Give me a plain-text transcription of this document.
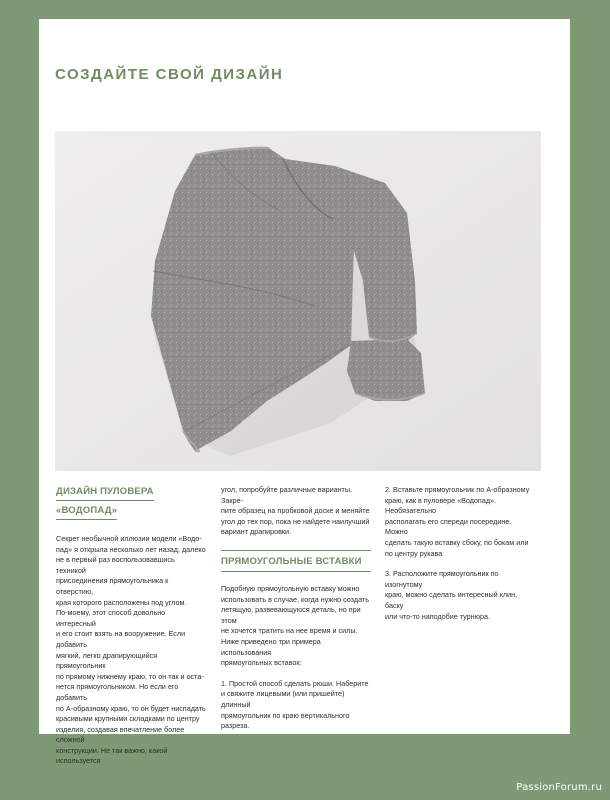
СОЗДАЙТЕ СВОЙ ДИЗАЙН
ДИЗАЙН ПУЛОВЕРА
«ВОДОПАД»

Секрет необычной иллюзии модели «Водо-

пад» я открыла несколько лет назад, далеко

не в первый раз воспользовавшись техникой

присоединения прямоугольника к отверстию,

края которого расположены под углом.

По-моему, этот способ довольно интересный

и его стоит взять на вооружение. Если добавить

мягкий, легко драпирующийся прямоугольник

по прямому нижнему краю, то он так и оста-

нется прямоугольником. Но если его добавить

по А-образному краю, то он будет ниспадать

красивыми крупными складками по центру

изделия, создавая впечатление более сложной

конструкции. Не так важно, какой используется

угол, попробуйте различные варианты. Закре-

пите образец на пробковой доске и меняйте

угол до тех пор, пока не найдете наилучший

вариант драпировки.

ПРЯМОУГОЛЬНЫЕ ВСТАВКИ

Подобную прямоугольную вставку можно

использовать в случае, когда нужно создать

летящую, развевающуюся деталь, но при этом

не хочется тратить на нее время и силы.

Ниже приведено три примера использования

прямоугольных вставок:

1. Простой способ сделать рюши. Наберите

и свяжите лицевыми (или пришейте) длинный

прямоугольник по краю вертикального разреза.

2. Вставьте прямоугольник по А-образному

краю, как в пуловере «Водопад». Необязательно

располагать его спереди посередине. Можно

сделать такую вставку сбоку, по бокам или

по центру рукава

3. Расположите прямоугольник по изогнутому

краю, можно сделать интересный клин, баску

или что-то наподобие турнюра.

PassionForum.ru
